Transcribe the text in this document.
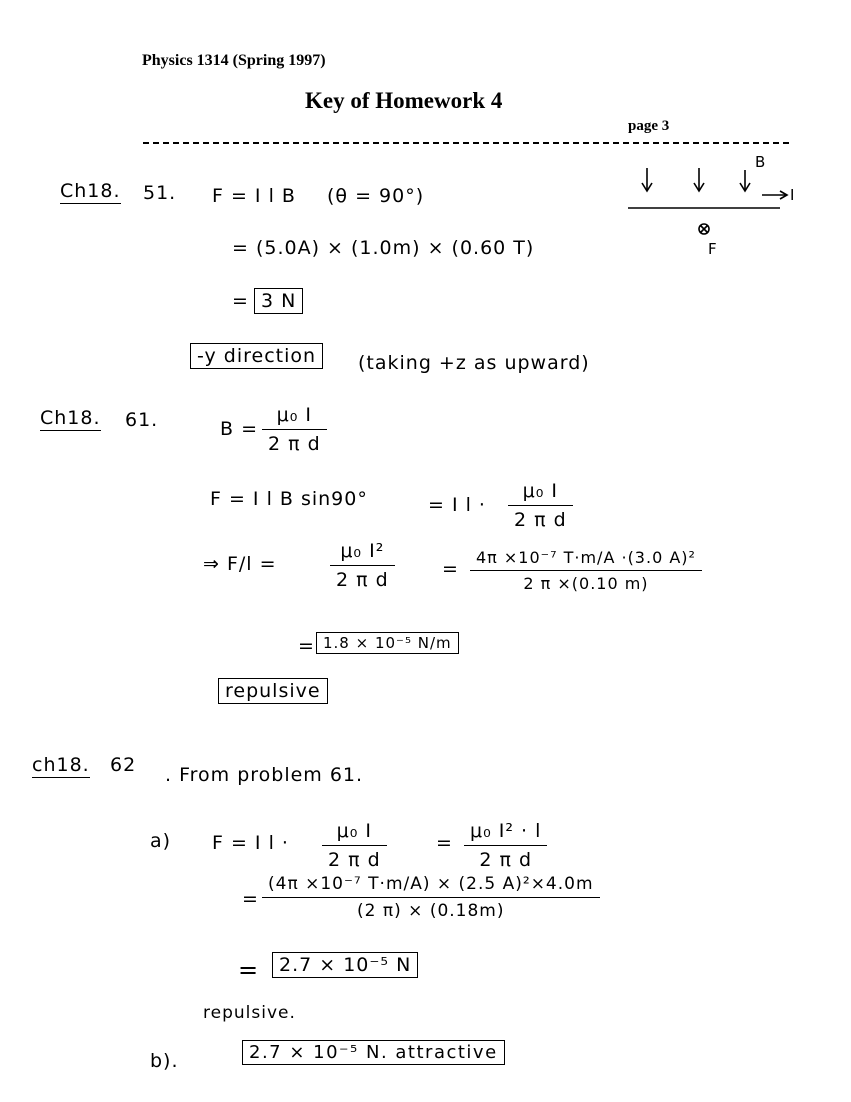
Physics 1314 (Spring 1997)
Key of Homework 4
page 3
B
I
F
Ch18. 51. F = I l B (θ = 90°)
= (5.0A) × (1.0m) × (0.60 T)
= 3 N
-y direction	(taking +z as upward)
Ch18. 61.	B =
μ₀ I
2 π d
F = I l B sin90°	= I l ·
μ₀ I
2 π d
⇒ F/l =
μ₀ I²
2 π d	=
4π ×10⁻⁷ T·m/A ·(3.0 A)²
2 π ×(0.10 m)
= 1.8 × 10⁻⁵ N/m
repulsive
ch18. 62 . From problem 61.
a) F = I l ·
μ₀ I
2 π d
=
μ₀ I² · l
2 π d
=
(4π ×10⁻⁷ T·m/A) × (2.5 A)²×4.0m
(2 π) × (0.18m)
=	2.7 × 10⁻⁵ N
repulsive.
b).	2.7 × 10⁻⁵ N. attractive
